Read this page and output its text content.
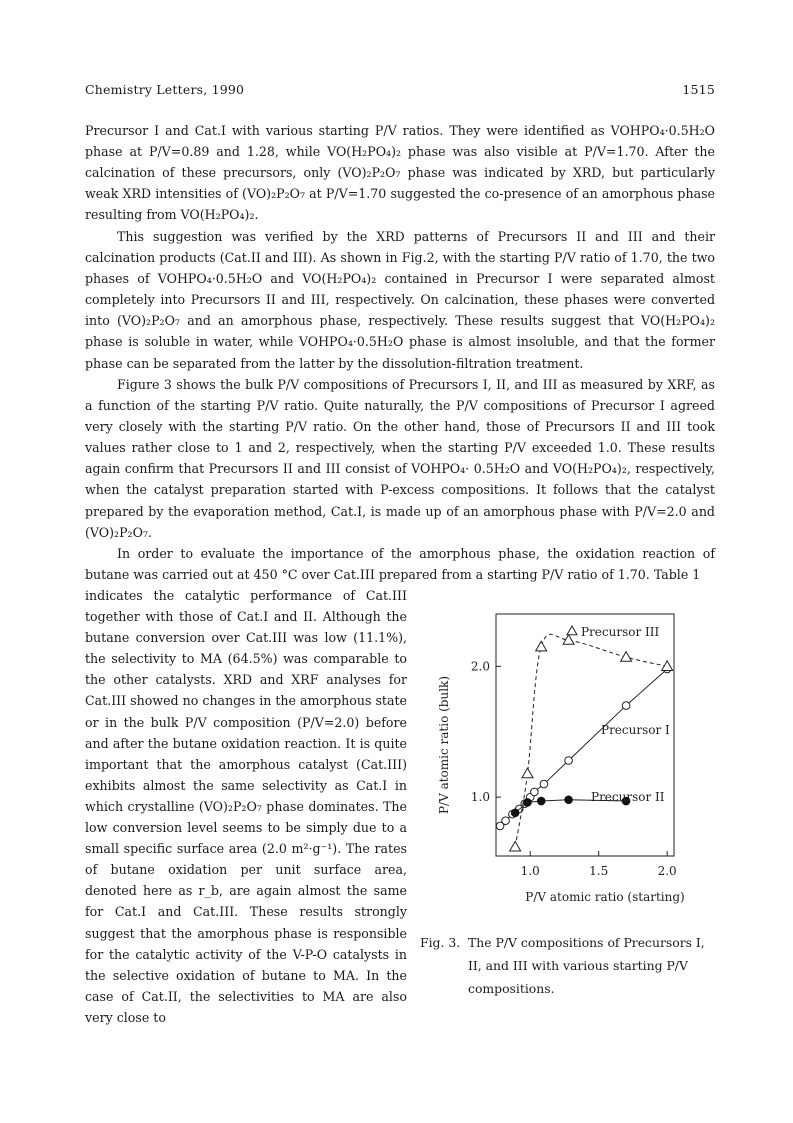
Chemistry Letters, 1990	1515

Precursor I and Cat.I with various starting P/V ratios. They were identified as VOHPO₄·0.5H₂O phase at P/V=0.89 and 1.28, while VO(H₂PO₄)₂ phase was also visible at P/V=1.70. After the calcination of these precursors, only (VO)₂P₂O₇ phase was indicated by XRD, but particularly weak XRD intensities of (VO)₂P₂O₇ at P/V=1.70 suggested the co-presence of an amorphous phase resulting from VO(H₂PO₄)₂.

This suggestion was verified by the XRD patterns of Precursors II and III and their calcination products (Cat.II and III). As shown in Fig.2, with the starting P/V ratio of 1.70, the two phases of VOHPO₄·0.5H₂O and VO(H₂PO₄)₂ contained in Precursor I were separated almost completely into Precursors II and III, respectively. On calcination, these phases were converted into (VO)₂P₂O₇ and an amorphous phase, respectively. These results suggest that VO(H₂PO₄)₂ phase is soluble in water, while VOHPO₄·0.5H₂O phase is almost insoluble, and that the former phase can be separated from the latter by the dissolution-filtration treatment.

Figure 3 shows the bulk P/V compositions of Precursors I, II, and III as measured by XRF, as a function of the starting P/V ratio. Quite naturally, the P/V compositions of Precursor I agreed very closely with the starting P/V ratio. On the other hand, those of Precursors II and III took values rather close to 1 and 2, respectively, when the starting P/V exceeded 1.0. These results again confirm that Precursors II and III consist of VOHPO₄· 0.5H₂O and VO(H₂PO₄)₂, respectively, when the catalyst preparation started with P-excess compositions. It follows that the catalyst prepared by the evaporation method, Cat.I, is made up of an amorphous phase with P/V=2.0 and (VO)₂P₂O₇.

In order to evaluate the importance of the amorphous phase, the oxidation reaction of butane was carried out at 450 °C over Cat.III prepared from a starting P/V ratio of 1.70. Table 1

indicates the catalytic performance of Cat.III together with those of Cat.I and II. Although the butane conversion over Cat.III was low (11.1%), the selectivity to MA (64.5%) was comparable to the other catalysts. XRD and XRF analyses for Cat.III showed no changes in the amorphous state or in the bulk P/V composition (P/V=2.0) before and after the butane oxidation reaction. It is quite important that the amorphous catalyst (Cat.III) exhibits almost the same selectivity as Cat.I in which crystalline (VO)₂P₂O₇ phase dominates. The low conversion level seems to be simply due to a small specific surface area (2.0 m²·g⁻¹). The rates of butane oxidation per unit surface area, denoted here as r_b, are again almost the same for Cat.I and Cat.III. These results strongly suggest that the amorphous phase is responsible for the catalytic activity of the V-P-O catalysts in the selective oxidation of butane to MA. In the case of Cat.II, the selectivities to MA are also very close to

1.0	1.5	2.0
1.0
2.0
P/V atomic ratio (starting)
P/V atomic ratio (bulk)
Precursor III
Precursor I
Precursor II
Fig. 3. The P/V compositions of Precursors I, II, and III with various starting P/V compositions.
